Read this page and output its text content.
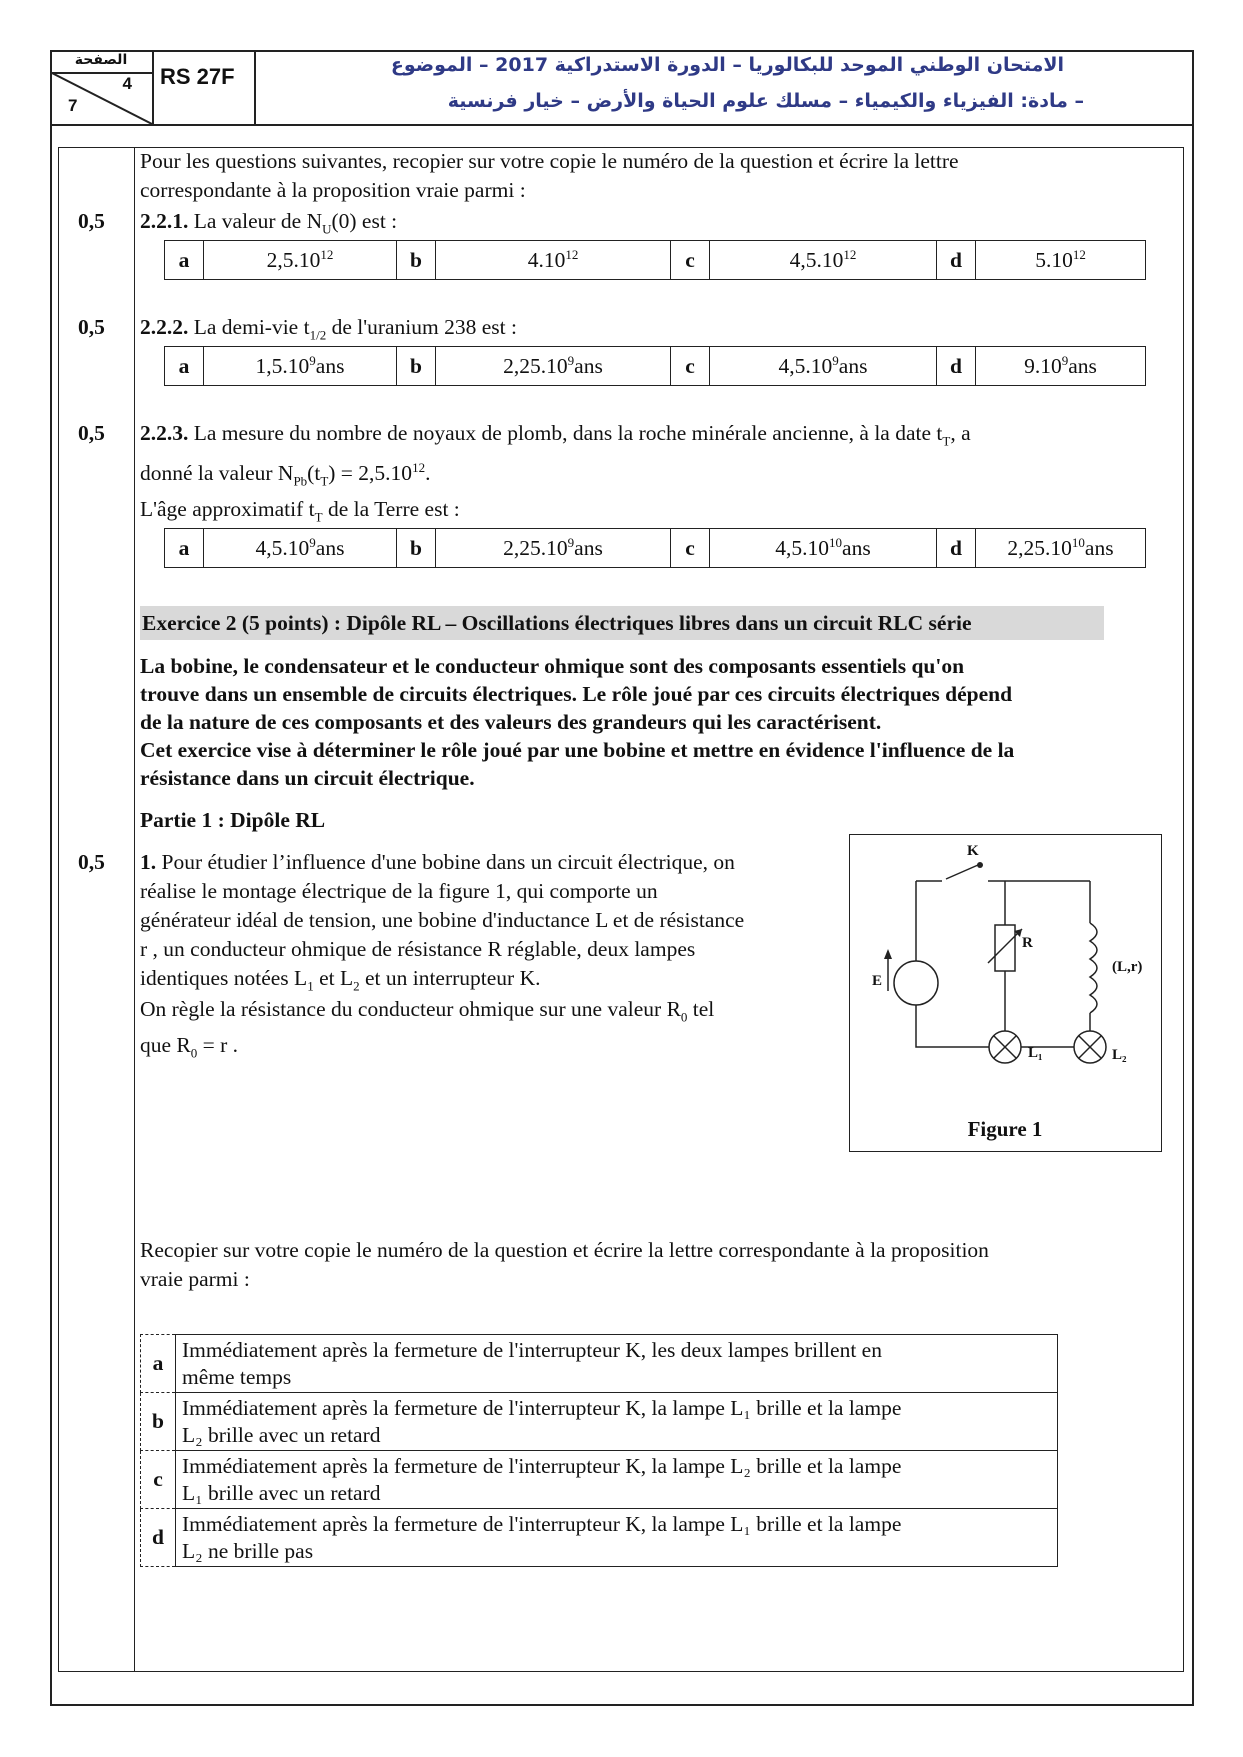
الصفحة
4
7
RS 27F	الامتحان الوطني الموحد للبكالوريا – الدورة الاستدراكية 2017 – الموضوع
– مادة: الفيزياء والكيمياء – مسلك علوم الحياة والأرض – خيار فرنسية
Pour les questions suivantes, recopier sur votre copie le numéro de la question et écrire la lettre
correspondante à la proposition vraie parmi :
0,5 2.2.1. La valeur de $N_U(0)$ est :
a	2,5.10$^{12}$	b	4.10$^{12}$	c	4,5.10$^{12}$	d	5.10$^{12}$
0,5 2.2.2. La demi-vie $t_{1/2}$ de l'uranium 238 est :
a	1,5.10$^9$ans	b	2,25.10$^9$ans	c	4,5.10$^9$ans	d	9.10$^9$ans
0,5 2.2.3. La mesure du nombre de noyaux de plomb, dans la roche minérale ancienne, à la date $t_T$, a
donné la valeur $N_{Pb}(t_T) = 2,5.10^{12}$.
L'âge approximatif $t_T$ de la Terre est :
a	4,5.10$^9$ans	b	2,25.10$^9$ans	c	4,5.10$^{10}$ans	d	2,25.10$^{10}$ans
Exercice 2 (5 points) : Dipôle RL – Oscillations électriques libres dans un circuit RLC série
La bobine, le condensateur et le conducteur ohmique sont des composants essentiels qu'on
trouve dans un ensemble de circuits électriques. Le rôle joué par ces circuits électriques dépend
de la nature de ces composants et des valeurs des grandeurs qui les caractérisent.
Cet exercice vise à déterminer le rôle joué par une bobine et mettre en évidence l'influence de la
résistance dans un circuit électrique.
Partie 1 : Dipôle RL
0,5 1. Pour étudier l’influence d'une bobine dans un circuit électrique, on
réalise le montage électrique de la figure 1, qui comporte un
générateur idéal de tension, une bobine d'inductance L et de résistance
r , un conducteur ohmique de résistance R réglable, deux lampes
identiques notées $L_1$ et $L_2$ et un interrupteur K.
On règle la résistance du conducteur ohmique sur une valeur $R_0$ tel
que $R_0 = r$ .
K
E
R
(L,r)
L₁	L₂
Figure 1
Recopier sur votre copie le numéro de la question et écrire la lettre correspondante à la proposition
vraie parmi :
a	Immédiatement après la fermeture de l'interrupteur K, les deux lampes brillent en
même temps

b	Immédiatement après la fermeture de l'interrupteur K, la lampe L₁ brille et la lampe
L₂ brille avec un retard

c	Immédiatement après la fermeture de l'interrupteur K, la lampe L₂ brille et la lampe
L₁ brille avec un retard

d	Immédiatement après la fermeture de l'interrupteur K, la lampe L₁ brille et la lampe
L₂ ne brille pas
